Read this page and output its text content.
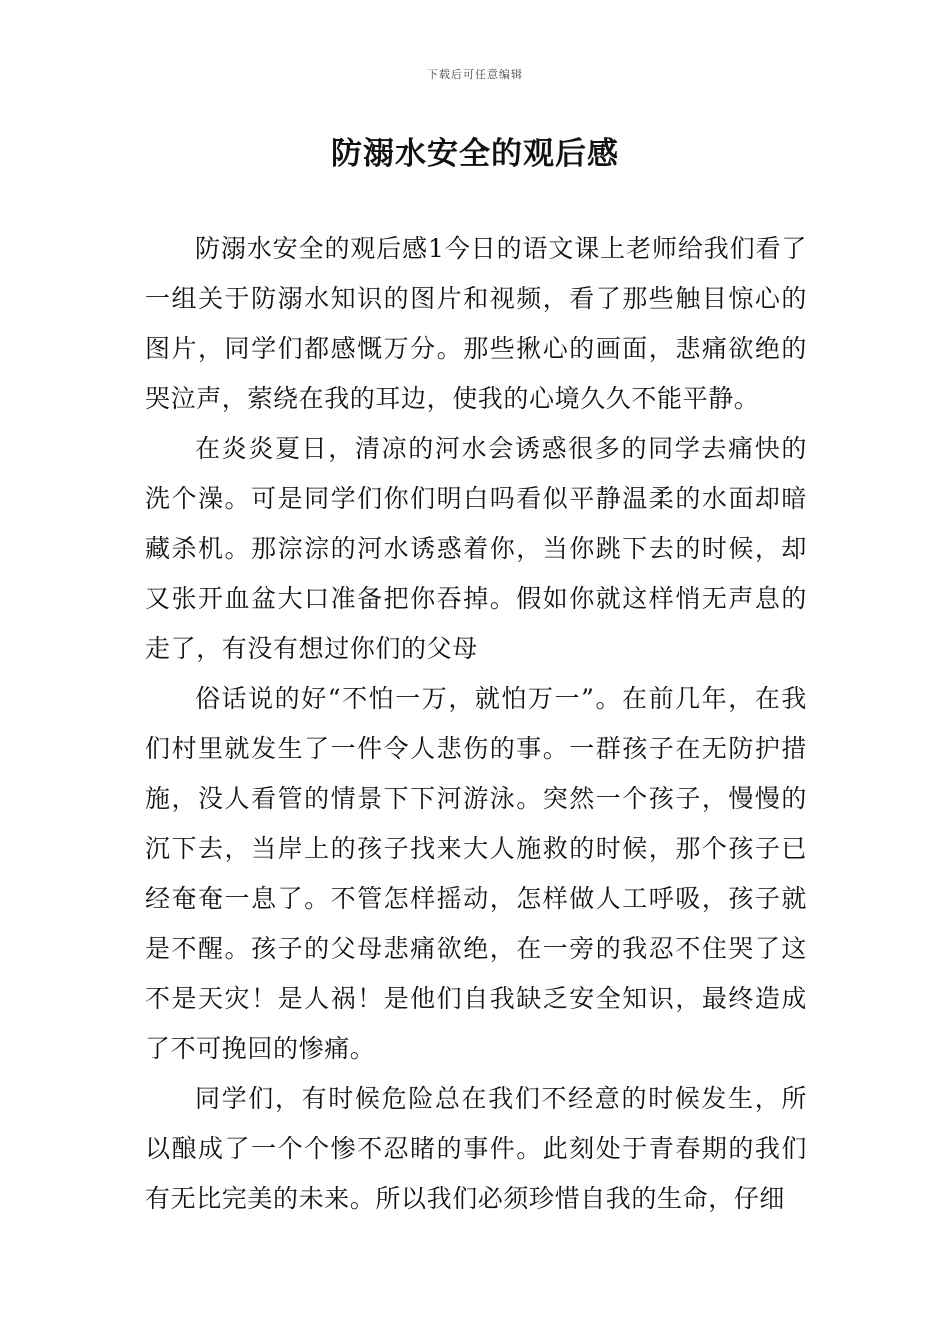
下载后可任意编辑
防溺水安全的观后感

防溺水安全的观后感1今日的语文课上老师给我们看了一组关于防溺水知识的图片和视频，看了那些触目惊心的图片，同学们都感慨万分。那些揪心的画面，悲痛欲绝的哭泣声，萦绕在我的耳边，使我的心境久久不能平静。

在炎炎夏日，清凉的河水会诱惑很多的同学去痛快的洗个澡。可是同学们你们明白吗看似平静温柔的水面却暗藏杀机。那淙淙的河水诱惑着你，当你跳下去的时候，却又张开血盆大口准备把你吞掉。假如你就这样悄无声息的走了，有没有想过你们的父母

俗话说的好“不怕一万，就怕万一”。在前几年，在我们村里就发生了一件令人悲伤的事。一群孩子在无防护措施，没人看管的情景下下河游泳。突然一个孩子，慢慢的沉下去，当岸上的孩子找来大人施救的时候，那个孩子已经奄奄一息了。不管怎样摇动，怎样做人工呼吸，孩子就是不醒。孩子的父母悲痛欲绝，在一旁的我忍不住哭了这不是天灾！是人祸！是他们自我缺乏安全知识，最终造成了不可挽回的惨痛。

同学们，有时候危险总在我们不经意的时候发生，所以酿成了一个个惨不忍睹的事件。此刻处于青春期的我们有无比完美的未来。所以我们必须珍惜自我的生命，仔细
